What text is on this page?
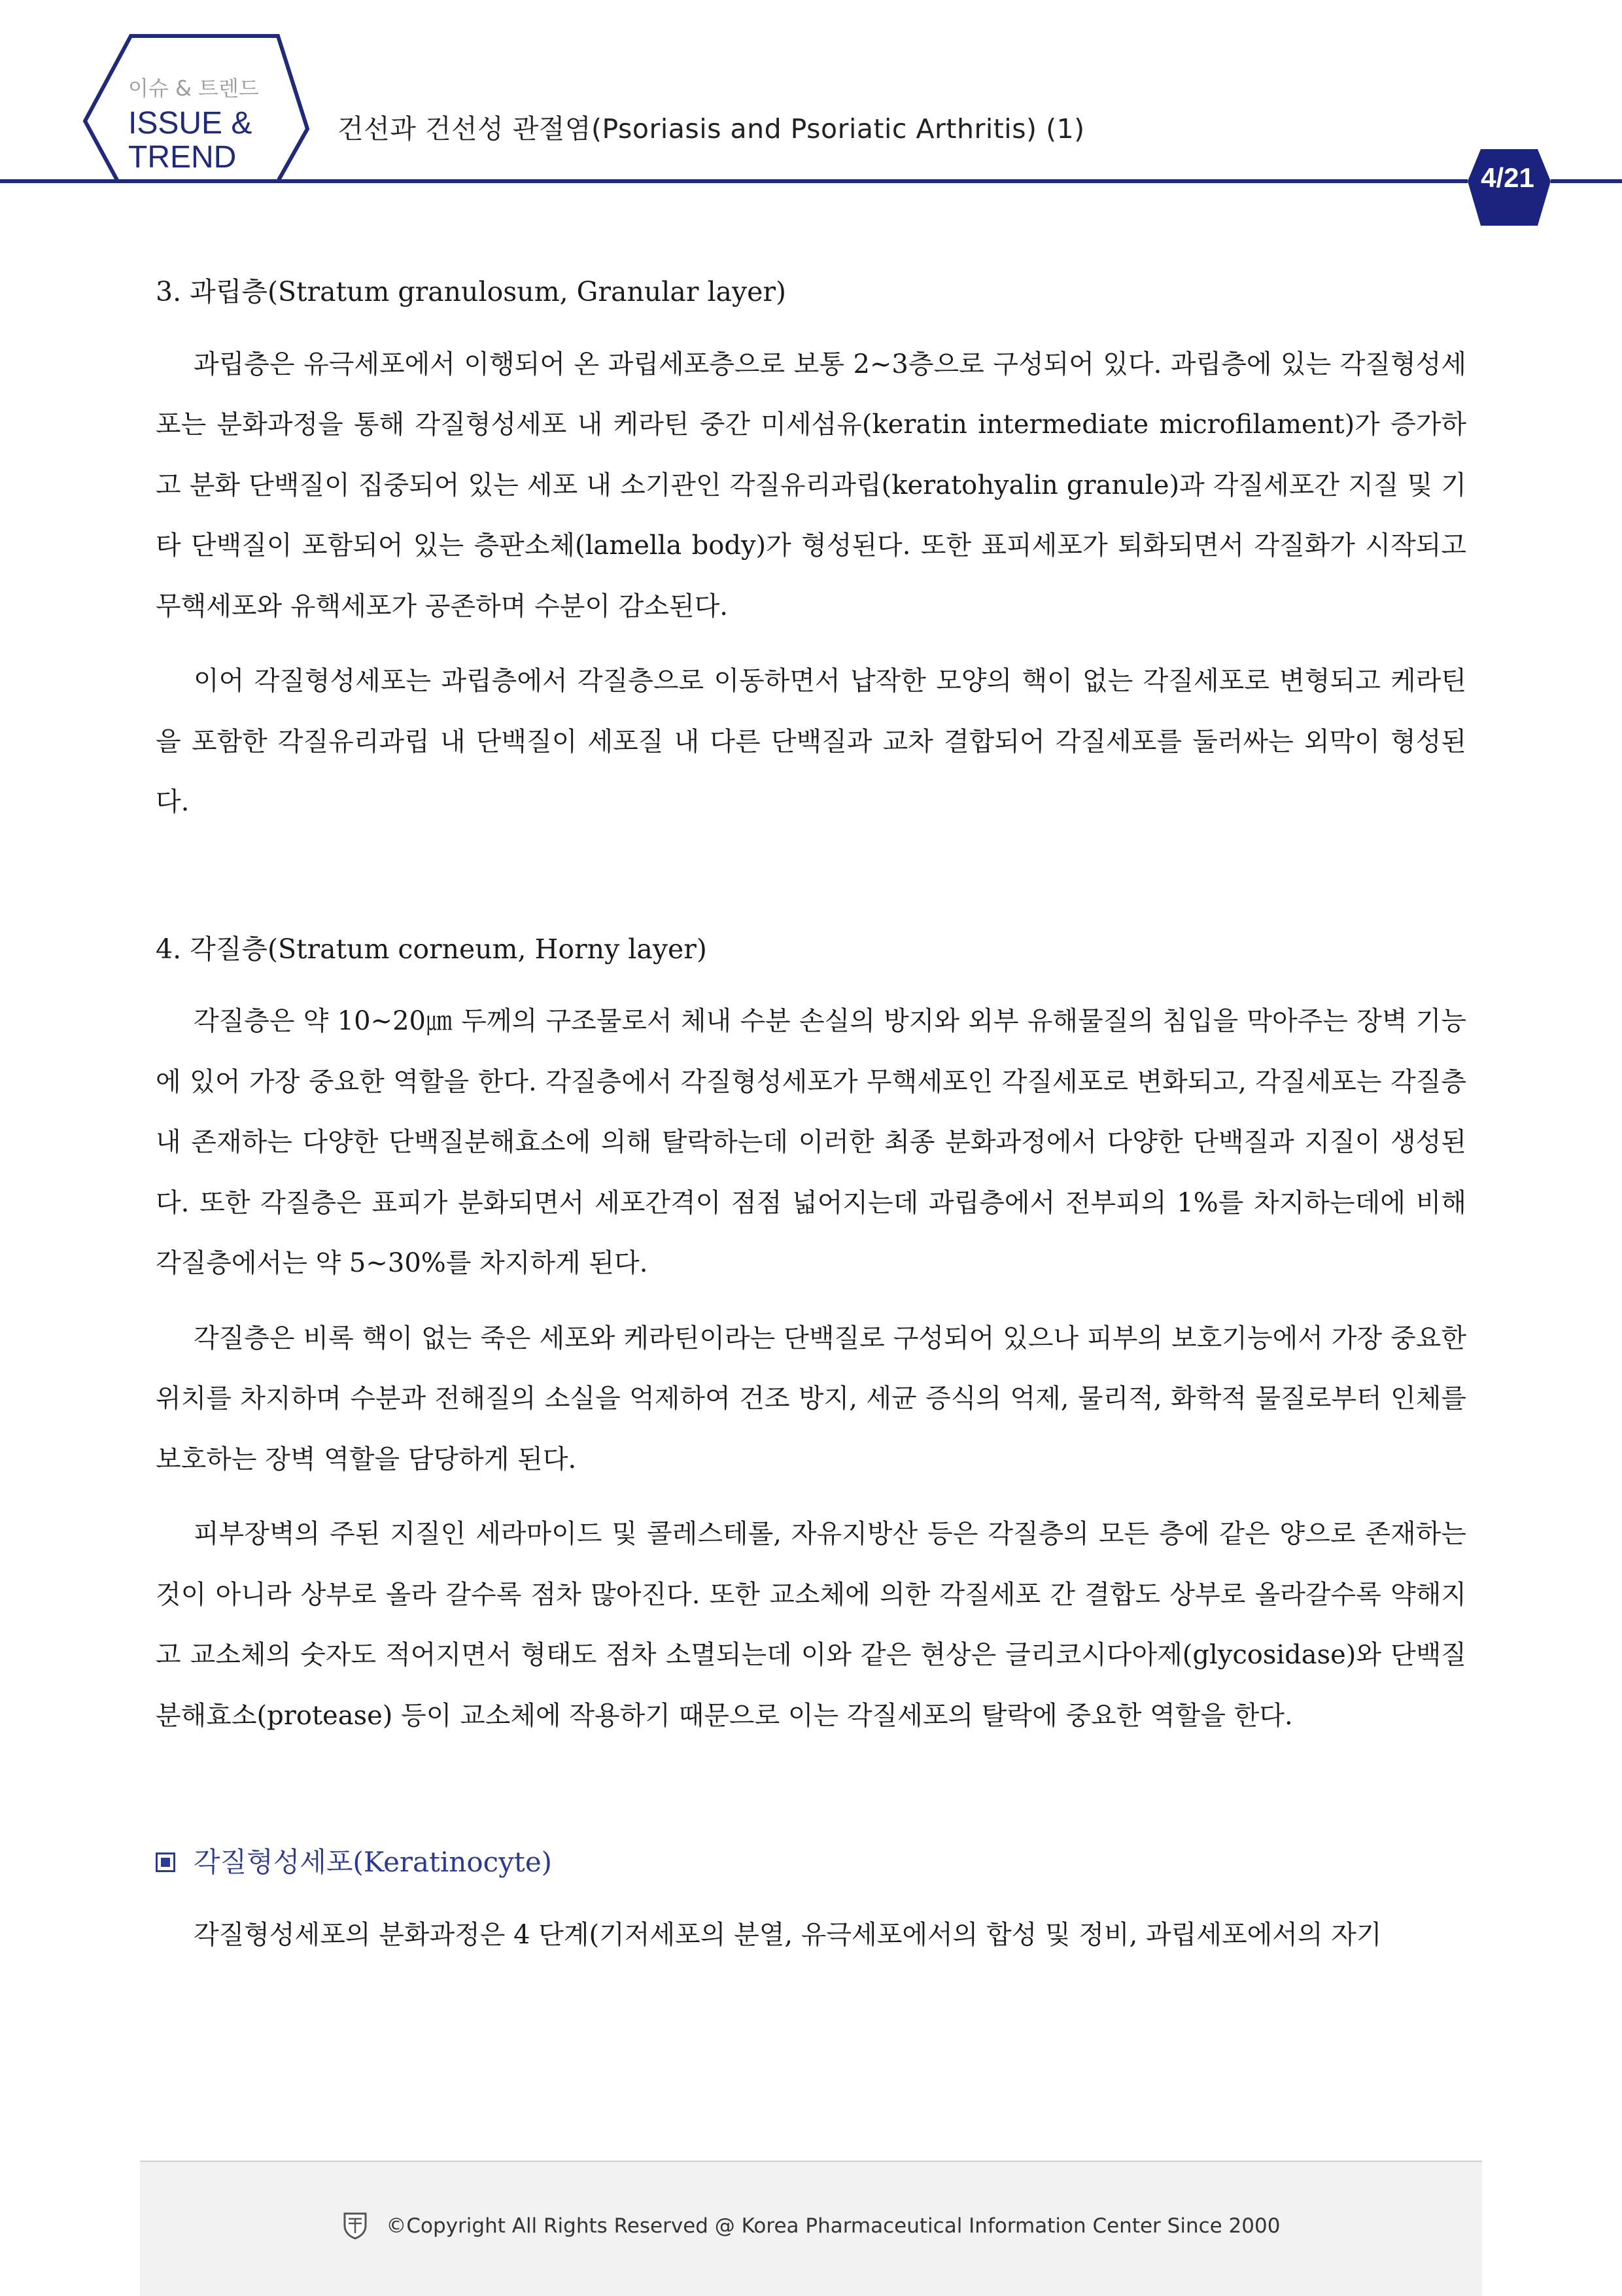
이슈 & 트렌드
ISSUE &
TREND
건선과 건선성 관절염(Psoriasis and Psoriatic Arthritis) (1)
4/21
3. 과립층(Stratum granulosum, Granular layer)

과립층은 유극세포에서 이행되어 온 과립세포층으로 보통 2~3층으로 구성되어 있다. 과립층에 있는 각질형성세포는 분화과정을 통해 각질형성세포 내 케라틴 중간 미세섬유(keratin intermediate microfilament)가 증가하고 분화 단백질이 집중되어 있는 세포 내 소기관인 각질유리과립(keratohyalin granule)과 각질세포간 지질 및 기타 단백질이 포함되어 있는 층판소체(lamella body)가 형성된다. 또한 표피세포가 퇴화되면서 각질화가 시작되고 무핵세포와 유핵세포가 공존하며 수분이 감소된다.

이어 각질형성세포는 과립층에서 각질층으로 이동하면서 납작한 모양의 핵이 없는 각질세포로 변형되고 케라틴을 포함한 각질유리과립 내 단백질이 세포질 내 다른 단백질과 교차 결합되어 각질세포를 둘러싸는 외막이 형성된다.

4. 각질층(Stratum corneum, Horny layer)

각질층은 약 10∼20㎛ 두께의 구조물로서 체내 수분 손실의 방지와 외부 유해물질의 침입을 막아주는 장벽 기능에 있어 가장 중요한 역할을 한다. 각질층에서 각질형성세포가 무핵세포인 각질세포로 변화되고, 각질세포는 각질층 내 존재하는 다양한 단백질분해효소에 의해 탈락하는데 이러한 최종 분화과정에서 다양한 단백질과 지질이 생성된다. 또한 각질층은 표피가 분화되면서 세포간격이 점점 넓어지는데 과립층에서 전부피의 1%를 차지하는데에 비해 각질층에서는 약 5~30%를 차지하게 된다.

각질층은 비록 핵이 없는 죽은 세포와 케라틴이라는 단백질로 구성되어 있으나 피부의 보호기능에서 가장 중요한 위치를 차지하며 수분과 전해질의 소실을 억제하여 건조 방지, 세균 증식의 억제, 물리적, 화학적 물질로부터 인체를 보호하는 장벽 역할을 담당하게 된다.

피부장벽의 주된 지질인 세라마이드 및 콜레스테롤, 자유지방산 등은 각질층의 모든 층에 같은 양으로 존재하는 것이 아니라 상부로 올라 갈수록 점차 많아진다. 또한 교소체에 의한 각질세포 간 결합도 상부로 올라갈수록 약해지고 교소체의 숫자도 적어지면서 형태도 점차 소멸되는데 이와 같은 현상은 글리코시다아제(glycosidase)와 단백질분해효소(protease) 등이 교소체에 작용하기 때문으로 이는 각질세포의 탈락에 중요한 역할을 한다.

각질형성세포(Keratinocyte)

각질형성세포의 분화과정은 4 단계(기저세포의 분열, 유극세포에서의 합성 및 정비, 과립세포에서의 자기

©Copyright All Rights Reserved @ Korea Pharmaceutical Information Center Since 2000
